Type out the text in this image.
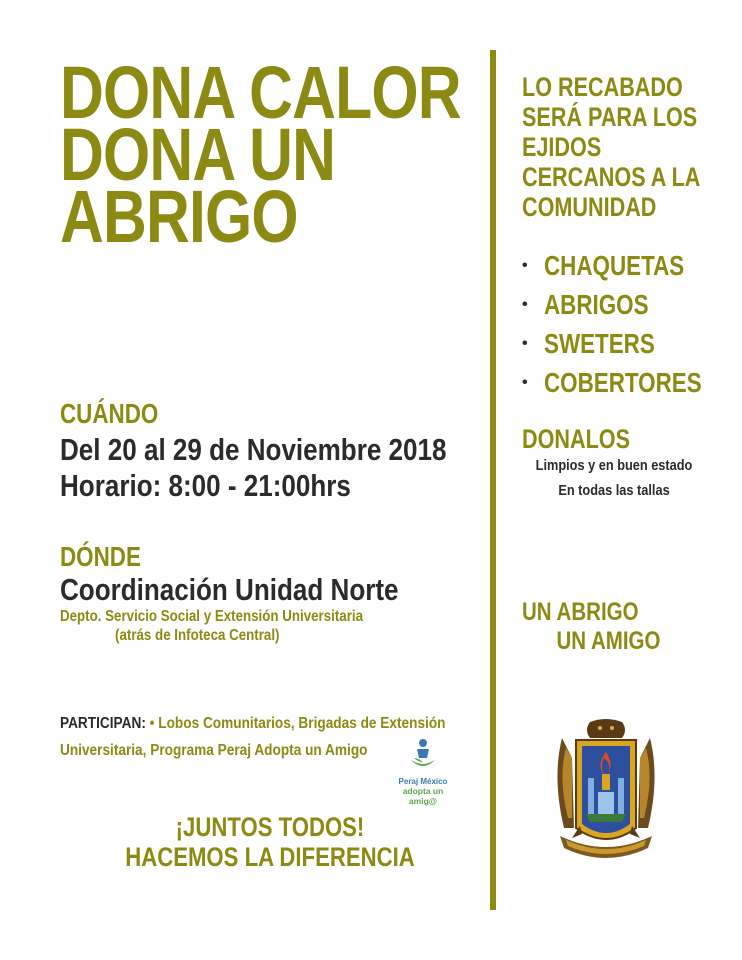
DONA CALOR
DONA UN
ABRIGO
CUÁNDO
Del 20 al 29 de Noviembre 2018
Horario: 8:00 - 21:00hrs
DÓNDE
Coordinación Unidad Norte
Depto. Servicio Social y Extensión Universitaria
(atrás de Infoteca Central)
PARTICIPAN: • Lobos Comunitarios, Brigadas de Extensión
Universitaria, Programa Peraj Adopta un Amigo
Peraj México
adopta un amig@
¡JUNTOS TODOS!
HACEMOS LA DIFERENCIA
LO RECABADO
SERÁ PARA LOS
EJIDOS
CERCANOS A LA
COMUNIDAD
• CHAQUETAS
• ABRIGOS
• SWETERS
• COBERTORES
DONALOS
Limpios y en buen estado
En todas las tallas
UN ABRIGO
UN AMIGO
